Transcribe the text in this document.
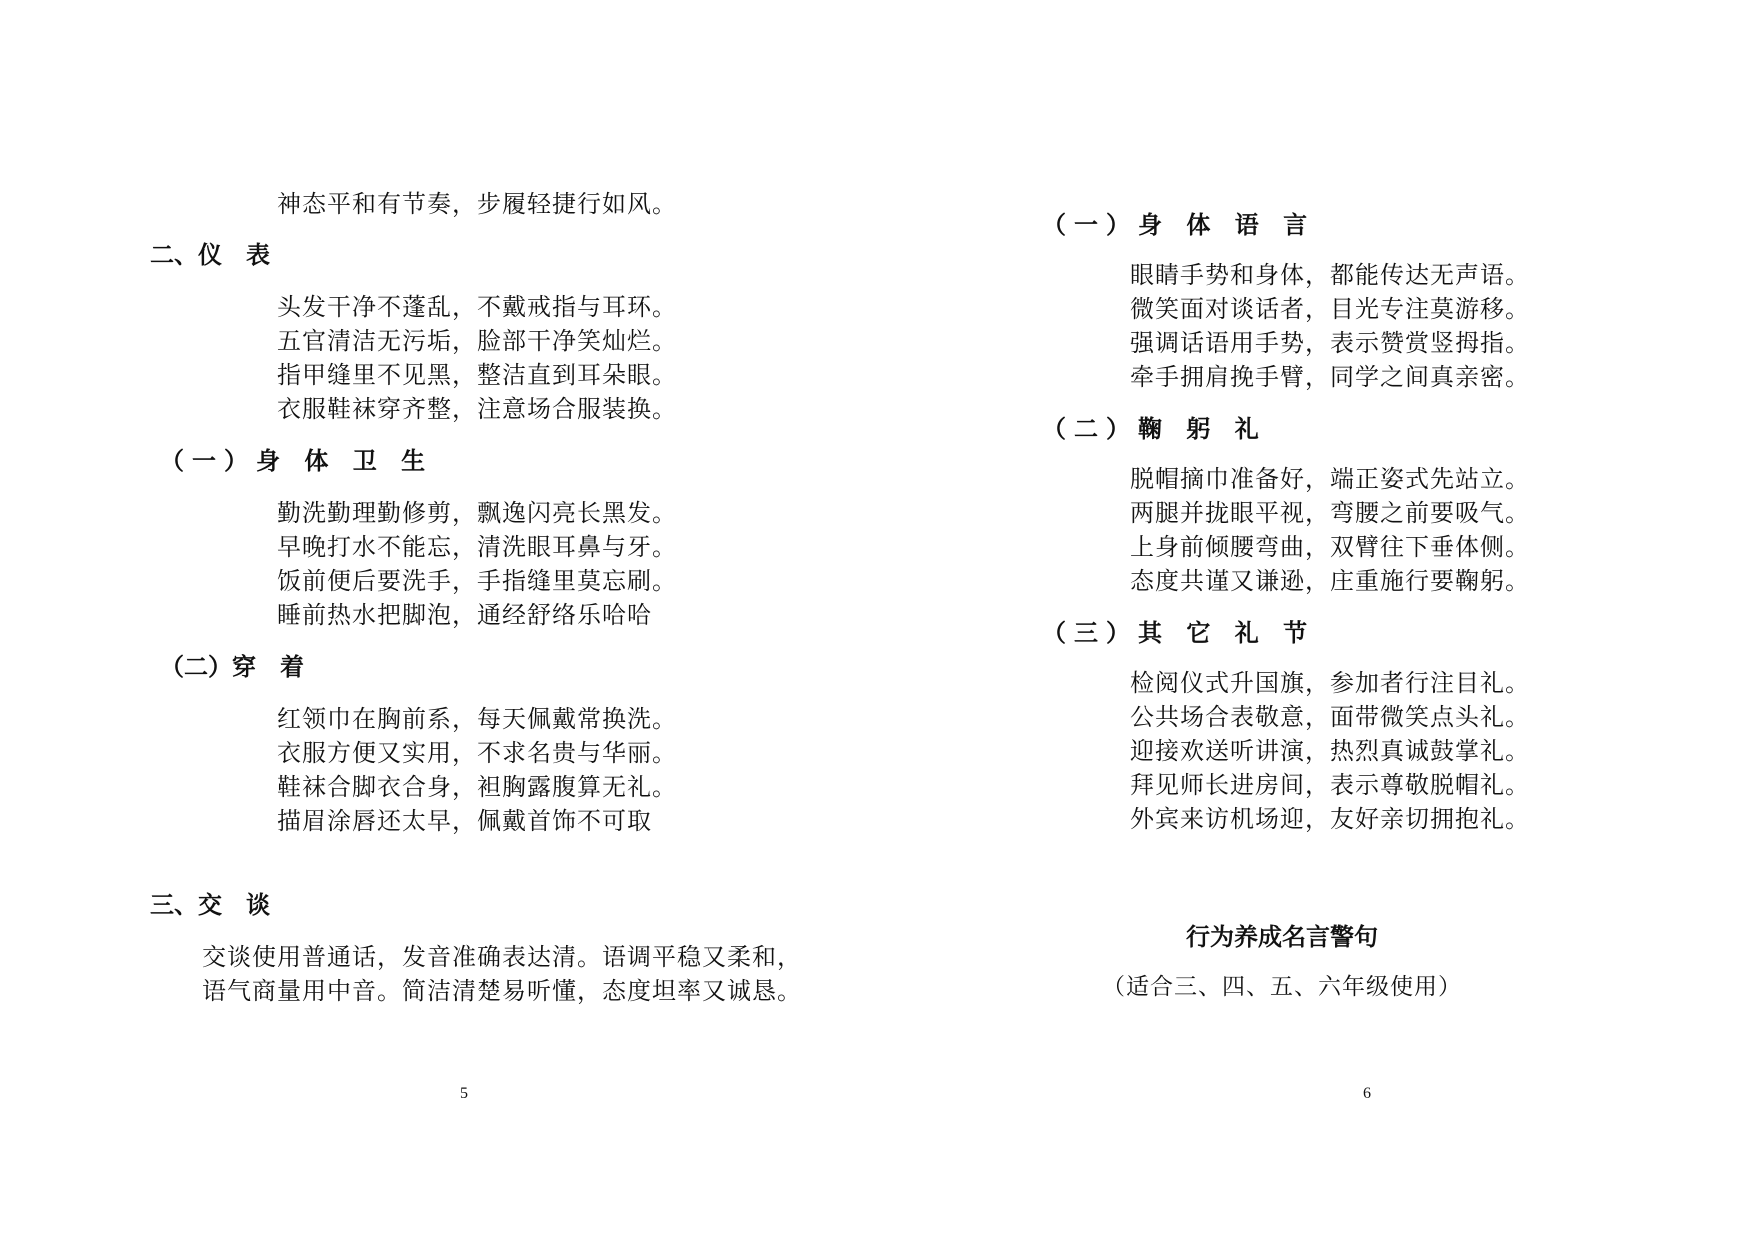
神态平和有节奏，步履轻捷行如风。
二、仪　表
头发干净不蓬乱，不戴戒指与耳环。
五官清洁无污垢，脸部干净笑灿烂。
指甲缝里不见黑，整洁直到耳朵眼。
衣服鞋袜穿齐整，注意场合服装换。
（一）身 体 卫 生
勤洗勤理勤修剪，飘逸闪亮长黑发。
早晚打水不能忘，清洗眼耳鼻与牙。
饭前便后要洗手，手指缝里莫忘刷。
睡前热水把脚泡，通经舒络乐哈哈
（二）穿　着
红领巾在胸前系，每天佩戴常换洗。
衣服方便又实用，不求名贵与华丽。
鞋袜合脚衣合身，袒胸露腹算无礼。
描眉涂唇还太早，佩戴首饰不可取
三、交　谈
交谈使用普通话，发音准确表达清。语调平稳又柔和，
语气商量用中音。简洁清楚易听懂，态度坦率又诚恳。
5
（一）身 体 语 言
眼睛手势和身体，都能传达无声语。
微笑面对谈话者，目光专注莫游移。
强调话语用手势，表示赞赏竖拇指。
牵手拥肩挽手臂，同学之间真亲密。
（二）鞠 躬 礼
脱帽摘巾准备好，端正姿式先站立。
两腿并拢眼平视，弯腰之前要吸气。
上身前倾腰弯曲，双臂往下垂体侧。
态度共谨又谦逊，庄重施行要鞠躬。
（三）其 它 礼 节
检阅仪式升国旗，参加者行注目礼。
公共场合表敬意，面带微笑点头礼。
迎接欢送听讲演，热烈真诚鼓掌礼。
拜见师长进房间，表示尊敬脱帽礼。
外宾来访机场迎，友好亲切拥抱礼。
行为养成名言警句
（适合三、四、五、六年级使用）
6
